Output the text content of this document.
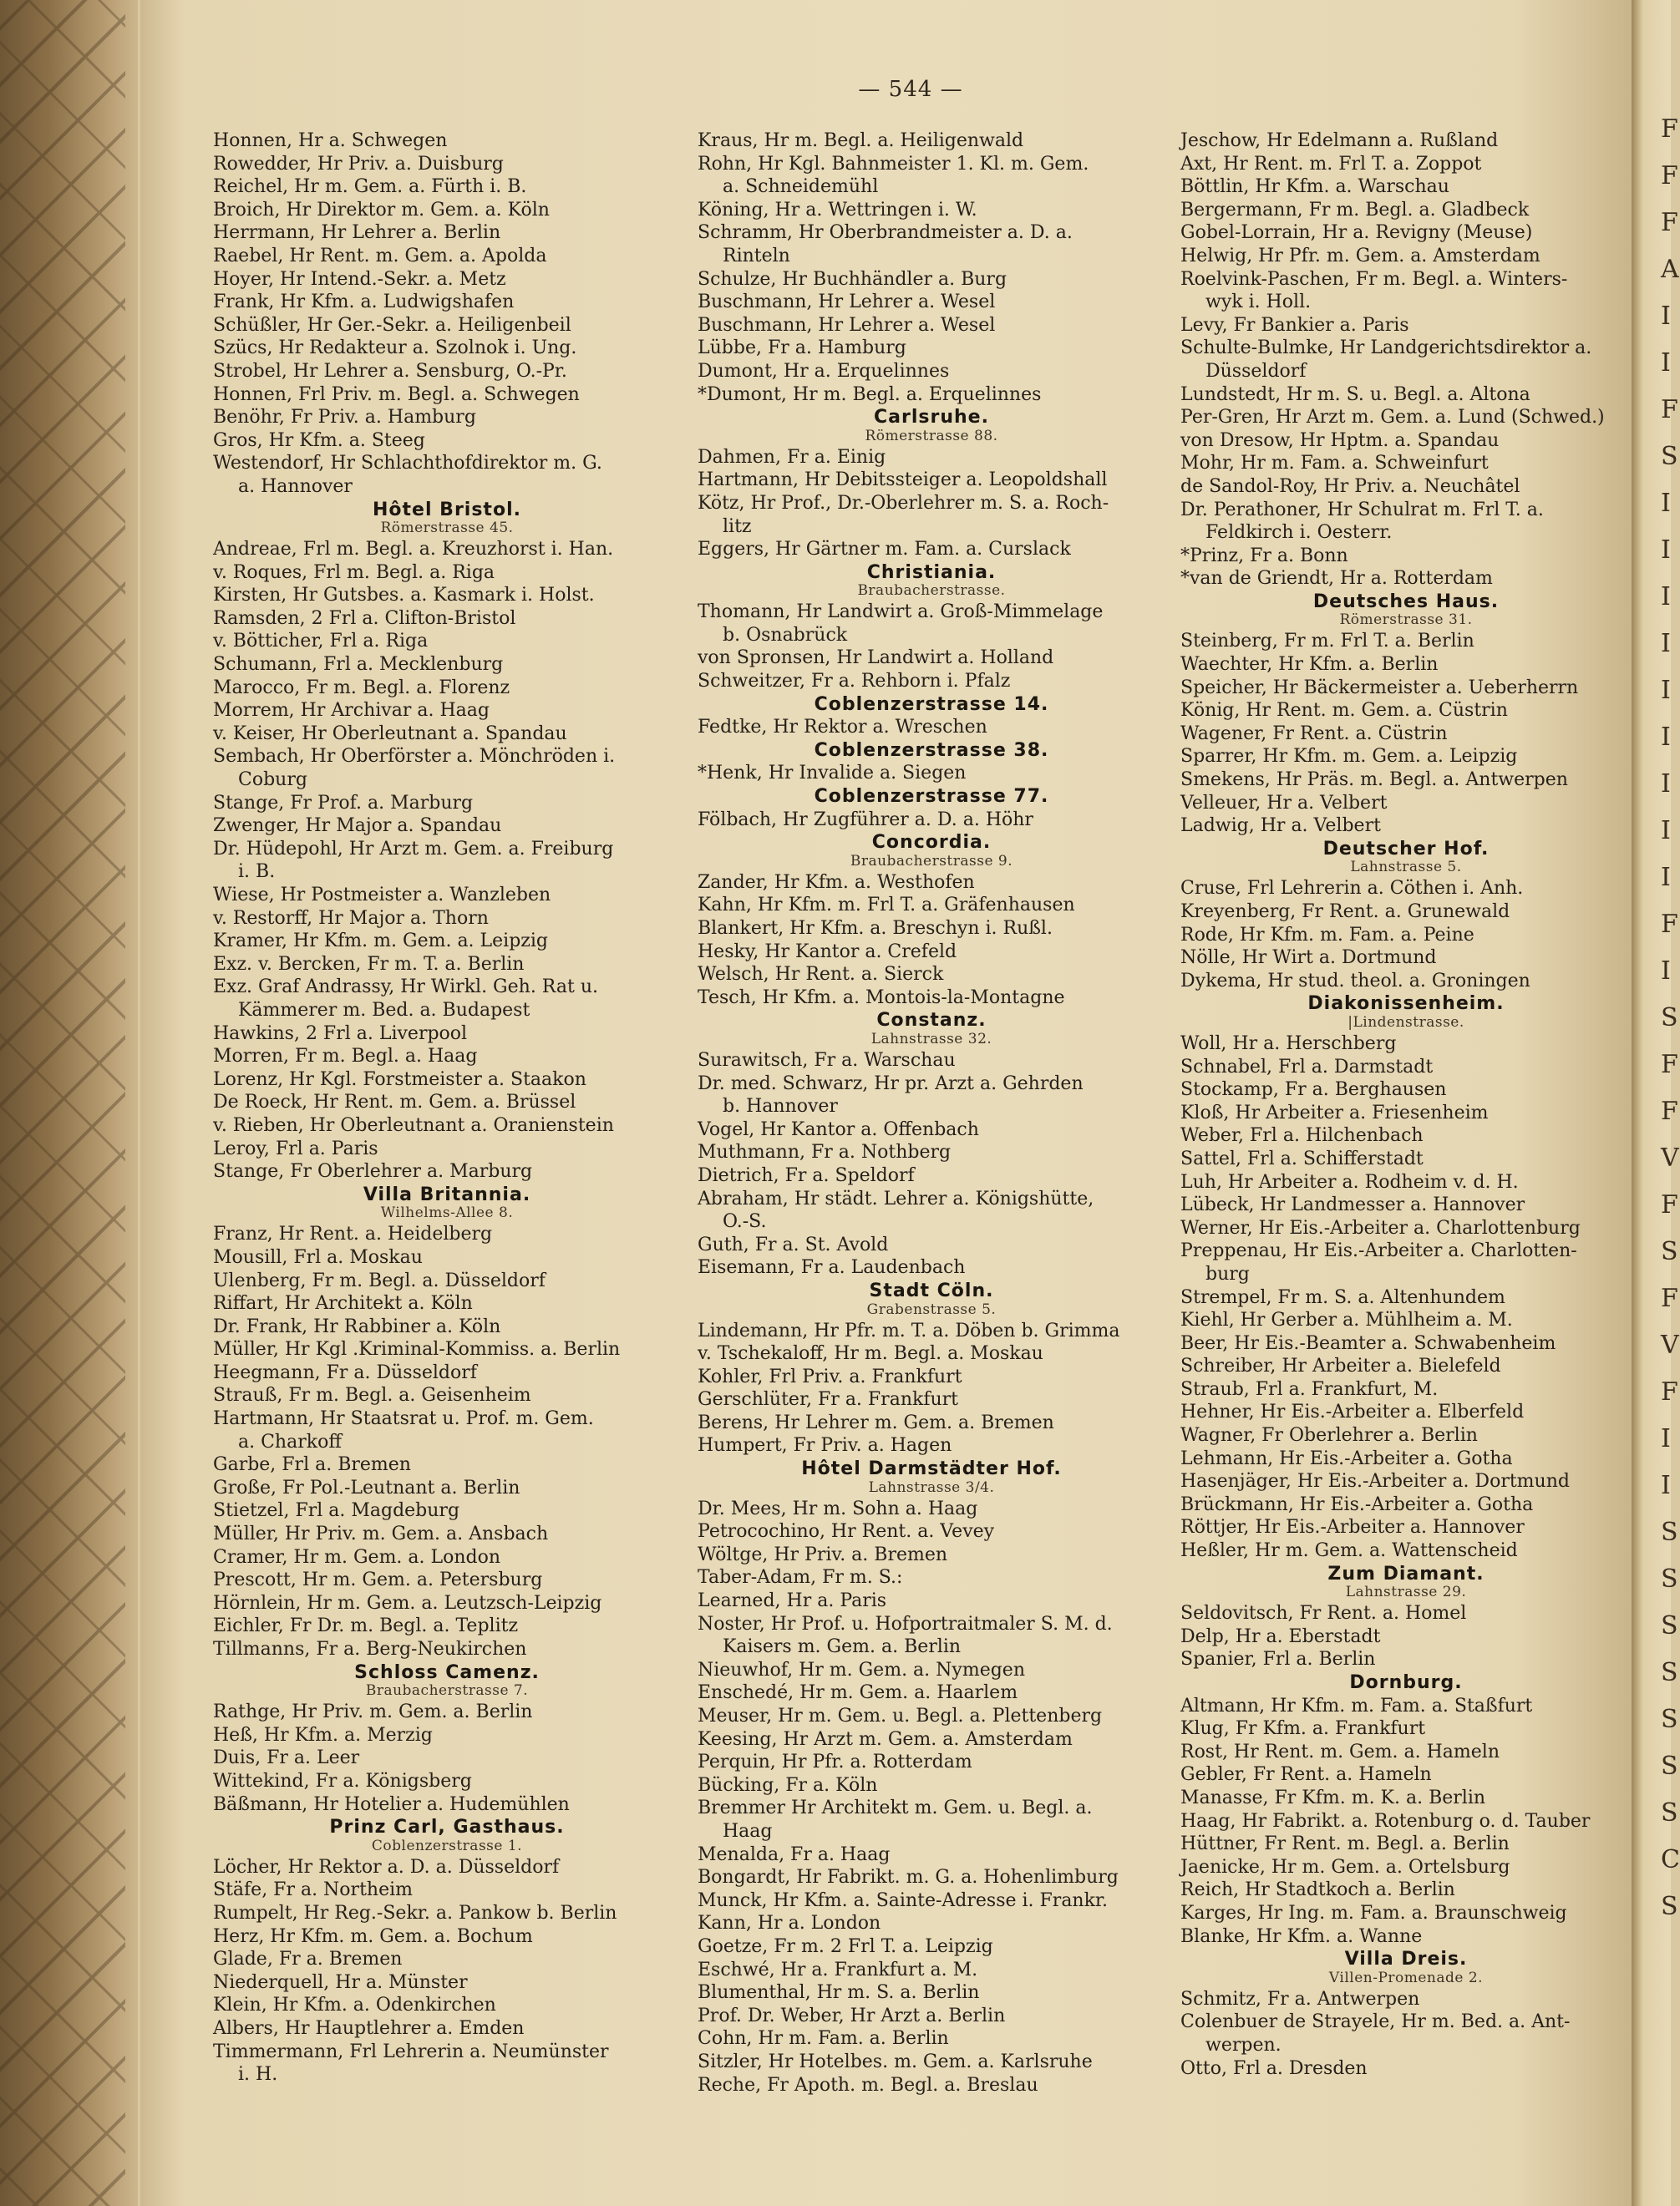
F
F
F
A
I
I
F
S
I
I
I
I
I
I
I
I
I
F
I
S
F
F
V
F
S
F
V
F
I
I
S
S
S
S
S
S
S
C
S
— 544 —
Honnen, Hr a. Schwegen
Rowedder, Hr Priv. a. Duisburg
Reichel, Hr m. Gem. a. Fürth i. B.
Broich, Hr Direktor m. Gem. a. Köln
Herrmann, Hr Lehrer a. Berlin
Raebel, Hr Rent. m. Gem. a. Apolda
Hoyer, Hr Intend.-Sekr. a. Metz
Frank, Hr Kfm. a. Ludwigshafen
Schüßler, Hr Ger.-Sekr. a. Heiligenbeil
Szücs, Hr Redakteur a. Szolnok i. Ung.
Strobel, Hr Lehrer a. Sensburg, O.-Pr.
Honnen, Frl Priv. m. Begl. a. Schwegen
Benöhr, Fr Priv. a. Hamburg
Gros, Hr Kfm. a. Steeg
Westendorf, Hr Schlachthofdirektor m. G.
a. Hannover
Hôtel Bristol.
Römerstrasse 45.
Andreae, Frl m. Begl. a. Kreuzhorst i. Han.
v. Roques, Frl m. Begl. a. Riga
Kirsten, Hr Gutsbes. a. Kasmark i. Holst.
Ramsden, 2 Frl a. Clifton-Bristol
v. Bötticher, Frl a. Riga
Schumann, Frl a. Mecklenburg
Marocco, Fr m. Begl. a. Florenz
Morrem, Hr Archivar a. Haag
v. Keiser, Hr Oberleutnant a. Spandau
Sembach, Hr Oberförster a. Mönchröden i.
Coburg
Stange, Fr Prof. a. Marburg
Zwenger, Hr Major a. Spandau
Dr. Hüdepohl, Hr Arzt m. Gem. a. Freiburg
i. B.
Wiese, Hr Postmeister a. Wanzleben
v. Restorff, Hr Major a. Thorn
Kramer, Hr Kfm. m. Gem. a. Leipzig
Exz. v. Bercken, Fr m. T. a. Berlin
Exz. Graf Andrassy, Hr Wirkl. Geh. Rat u.
Kämmerer m. Bed. a. Budapest
Hawkins, 2 Frl a. Liverpool
Morren, Fr m. Begl. a. Haag
Lorenz, Hr Kgl. Forstmeister a. Staakon
De Roeck, Hr Rent. m. Gem. a. Brüssel
v. Rieben, Hr Oberleutnant a. Oranienstein
Leroy, Frl a. Paris
Stange, Fr Oberlehrer a. Marburg
Villa Britannia.
Wilhelms-Allee 8.
Franz, Hr Rent. a. Heidelberg
Mousill, Frl a. Moskau
Ulenberg, Fr m. Begl. a. Düsseldorf
Riffart, Hr Architekt a. Köln
Dr. Frank, Hr Rabbiner a. Köln
Müller, Hr Kgl .Kriminal-Kommiss. a. Berlin
Heegmann, Fr a. Düsseldorf
Strauß, Fr m. Begl. a. Geisenheim
Hartmann, Hr Staatsrat u. Prof. m. Gem.
a. Charkoff
Garbe, Frl a. Bremen
Große, Fr Pol.-Leutnant a. Berlin
Stietzel, Frl a. Magdeburg
Müller, Hr Priv. m. Gem. a. Ansbach
Cramer, Hr m. Gem. a. London
Prescott, Hr m. Gem. a. Petersburg
Hörnlein, Hr m. Gem. a. Leutzsch-Leipzig
Eichler, Fr Dr. m. Begl. a. Teplitz
Tillmanns, Fr a. Berg-Neukirchen
Schloss Camenz.
Braubacherstrasse 7.
Rathge, Hr Priv. m. Gem. a. Berlin
Heß, Hr Kfm. a. Merzig
Duis, Fr a. Leer
Wittekind, Fr a. Königsberg
Bäßmann, Hr Hotelier a. Hudemühlen
Prinz Carl, Gasthaus.
Coblenzerstrasse 1.
Löcher, Hr Rektor a. D. a. Düsseldorf
Stäfe, Fr a. Northeim
Rumpelt, Hr Reg.-Sekr. a. Pankow b. Berlin
Herz, Hr Kfm. m. Gem. a. Bochum
Glade, Fr a. Bremen
Niederquell, Hr a. Münster
Klein, Hr Kfm. a. Odenkirchen
Albers, Hr Hauptlehrer a. Emden
Timmermann, Frl Lehrerin a. Neumünster
i. H.
Kraus, Hr m. Begl. a. Heiligenwald
Rohn, Hr Kgl. Bahnmeister 1. Kl. m. Gem.
a. Schneidemühl
Köning, Hr a. Wettringen i. W.
Schramm, Hr Oberbrandmeister a. D. a.
Rinteln
Schulze, Hr Buchhändler a. Burg
Buschmann, Hr Lehrer a. Wesel
Buschmann, Hr Lehrer a. Wesel
Lübbe, Fr a. Hamburg
Dumont, Hr a. Erquelinnes
*Dumont, Hr m. Begl. a. Erquelinnes
Carlsruhe.
Römerstrasse 88.
Dahmen, Fr a. Einig
Hartmann, Hr Debitssteiger a. Leopoldshall
Kötz, Hr Prof., Dr.-Oberlehrer m. S. a. Roch-
litz
Eggers, Hr Gärtner m. Fam. a. Curslack
Christiania.
Braubacherstrasse.
Thomann, Hr Landwirt a. Groß-Mimmelage
b. Osnabrück
von Spronsen, Hr Landwirt a. Holland
Schweitzer, Fr a. Rehborn i. Pfalz
Coblenzerstrasse 14.
Fedtke, Hr Rektor a. Wreschen
Coblenzerstrasse 38.
*Henk, Hr Invalide a. Siegen
Coblenzerstrasse 77.
Fölbach, Hr Zugführer a. D. a. Höhr
Concordia.
Braubacherstrasse 9.
Zander, Hr Kfm. a. Westhofen
Kahn, Hr Kfm. m. Frl T. a. Gräfenhausen
Blankert, Hr Kfm. a. Breschyn i. Rußl.
Hesky, Hr Kantor a. Crefeld
Welsch, Hr Rent. a. Sierck
Tesch, Hr Kfm. a. Montois-la-Montagne
Constanz.
Lahnstrasse 32.
Surawitsch, Fr a. Warschau
Dr. med. Schwarz, Hr pr. Arzt a. Gehrden
b. Hannover
Vogel, Hr Kantor a. Offenbach
Muthmann, Fr a. Nothberg
Dietrich, Fr a. Speldorf
Abraham, Hr städt. Lehrer a. Königshütte,
O.-S.
Guth, Fr a. St. Avold
Eisemann, Fr a. Laudenbach
Stadt Cöln.
Grabenstrasse 5.
Lindemann, Hr Pfr. m. T. a. Döben b. Grimma
v. Tschekaloff, Hr m. Begl. a. Moskau
Kohler, Frl Priv. a. Frankfurt
Gerschlüter, Fr a. Frankfurt
Berens, Hr Lehrer m. Gem. a. Bremen
Humpert, Fr Priv. a. Hagen
Hôtel Darmstädter Hof.
Lahnstrasse 3/4.
Dr. Mees, Hr m. Sohn a. Haag
Petrocochino, Hr Rent. a. Vevey
Wöltge, Hr Priv. a. Bremen
Taber-Adam, Fr m. S.:
Learned, Hr a. Paris
Noster, Hr Prof. u. Hofportraitmaler S. M. d.
Kaisers m. Gem. a. Berlin
Nieuwhof, Hr m. Gem. a. Nymegen
Enschedé, Hr m. Gem. a. Haarlem
Meuser, Hr m. Gem. u. Begl. a. Plettenberg
Keesing, Hr Arzt m. Gem. a. Amsterdam
Perquin, Hr Pfr. a. Rotterdam
Bücking, Fr a. Köln
Bremmer Hr Architekt m. Gem. u. Begl. a.
Haag
Menalda, Fr a. Haag
Bongardt, Hr Fabrikt. m. G. a. Hohenlimburg
Munck, Hr Kfm. a. Sainte-Adresse i. Frankr.
Kann, Hr a. London
Goetze, Fr m. 2 Frl T. a. Leipzig
Eschwé, Hr a. Frankfurt a. M.
Blumenthal, Hr m. S. a. Berlin
Prof. Dr. Weber, Hr Arzt a. Berlin
Cohn, Hr m. Fam. a. Berlin
Sitzler, Hr Hotelbes. m. Gem. a. Karlsruhe
Reche, Fr Apoth. m. Begl. a. Breslau
Jeschow, Hr Edelmann a. Rußland
Axt, Hr Rent. m. Frl T. a. Zoppot
Böttlin, Hr Kfm. a. Warschau
Bergermann, Fr m. Begl. a. Gladbeck
Gobel-Lorrain, Hr a. Revigny (Meuse)
Helwig, Hr Pfr. m. Gem. a. Amsterdam
Roelvink-Paschen, Fr m. Begl. a. Winters-
wyk i. Holl.
Levy, Fr Bankier a. Paris
Schulte-Bulmke, Hr Landgerichtsdirektor a.
Düsseldorf
Lundstedt, Hr m. S. u. Begl. a. Altona
Per-Gren, Hr Arzt m. Gem. a. Lund (Schwed.)
von Dresow, Hr Hptm. a. Spandau
Mohr, Hr m. Fam. a. Schweinfurt
de Sandol-Roy, Hr Priv. a. Neuchâtel
Dr. Perathoner, Hr Schulrat m. Frl T. a.
Feldkirch i. Oesterr.
*Prinz, Fr a. Bonn
*van de Griendt, Hr a. Rotterdam
Deutsches Haus.
Römerstrasse 31.
Steinberg, Fr m. Frl T. a. Berlin
Waechter, Hr Kfm. a. Berlin
Speicher, Hr Bäckermeister a. Ueberherrn
König, Hr Rent. m. Gem. a. Cüstrin
Wagener, Fr Rent. a. Cüstrin
Sparrer, Hr Kfm. m. Gem. a. Leipzig
Smekens, Hr Präs. m. Begl. a. Antwerpen
Velleuer, Hr a. Velbert
Ladwig, Hr a. Velbert
Deutscher Hof.
Lahnstrasse 5.
Cruse, Frl Lehrerin a. Cöthen i. Anh.
Kreyenberg, Fr Rent. a. Grunewald
Rode, Hr Kfm. m. Fam. a. Peine
Nölle, Hr Wirt a. Dortmund
Dykema, Hr stud. theol. a. Groningen
Diakonissenheim.
|Lindenstrasse.
Woll, Hr a. Herschberg
Schnabel, Frl a. Darmstadt
Stockamp, Fr a. Berghausen
Kloß, Hr Arbeiter a. Friesenheim
Weber, Frl a. Hilchenbach
Sattel, Frl a. Schifferstadt
Luh, Hr Arbeiter a. Rodheim v. d. H.
Lübeck, Hr Landmesser a. Hannover
Werner, Hr Eis.-Arbeiter a. Charlottenburg
Preppenau, Hr Eis.-Arbeiter a. Charlotten-
burg
Strempel, Fr m. S. a. Altenhundem
Kiehl, Hr Gerber a. Mühlheim a. M.
Beer, Hr Eis.-Beamter a. Schwabenheim
Schreiber, Hr Arbeiter a. Bielefeld
Straub, Frl a. Frankfurt, M.
Hehner, Hr Eis.-Arbeiter a. Elberfeld
Wagner, Fr Oberlehrer a. Berlin
Lehmann, Hr Eis.-Arbeiter a. Gotha
Hasenjäger, Hr Eis.-Arbeiter a. Dortmund
Brückmann, Hr Eis.-Arbeiter a. Gotha
Röttjer, Hr Eis.-Arbeiter a. Hannover
Heßler, Hr m. Gem. a. Wattenscheid
Zum Diamant.
Lahnstrasse 29.
Seldovitsch, Fr Rent. a. Homel
Delp, Hr a. Eberstadt
Spanier, Frl a. Berlin
Dornburg.
Altmann, Hr Kfm. m. Fam. a. Staßfurt
Klug, Fr Kfm. a. Frankfurt
Rost, Hr Rent. m. Gem. a. Hameln
Gebler, Fr Rent. a. Hameln
Manasse, Fr Kfm. m. K. a. Berlin
Haag, Hr Fabrikt. a. Rotenburg o. d. Tauber
Hüttner, Fr Rent. m. Begl. a. Berlin
Jaenicke, Hr m. Gem. a. Ortelsburg
Reich, Hr Stadtkoch a. Berlin
Karges, Hr Ing. m. Fam. a. Braunschweig
Blanke, Hr Kfm. a. Wanne
Villa Dreis.
Villen-Promenade 2.
Schmitz, Fr a. Antwerpen
Colenbuer de Strayele, Hr m. Bed. a. Ant-
werpen.
Otto, Frl a. Dresden
